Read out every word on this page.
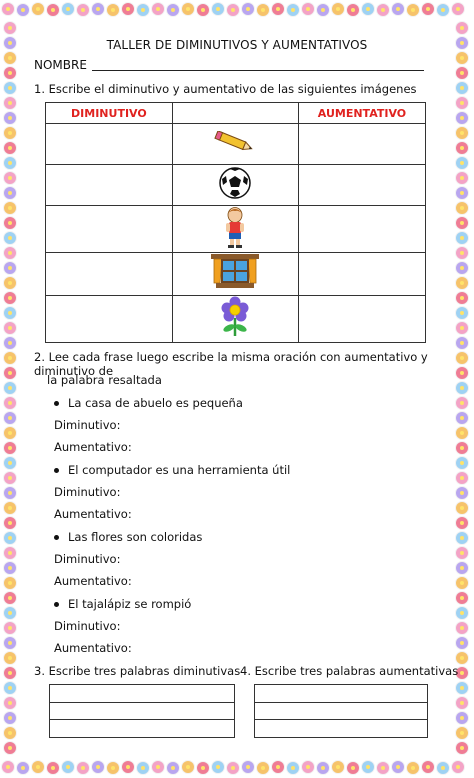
TALLER DE DIMINUTIVOS Y AUMENTATIVOS
NOMBRE
1. Escribe el diminutivo y aumentativo de las siguientes imágenes
DIMINUTIVO		AUMENTATIVO

2. Lee cada frase luego escribe la misma oración con aumentativo y diminutivo de
la palabra resaltada
La casa de abuelo es pequeña
Diminutivo:
Aumentativo:
El computador es una herramienta útil
Diminutivo:
Aumentativo:
Las flores son coloridas
Diminutivo:
Aumentativo:
El tajalápiz se rompió
Diminutivo:
Aumentativo:
3. Escribe tres palabras diminutivas 4. Escribe tres palabras aumentativas
